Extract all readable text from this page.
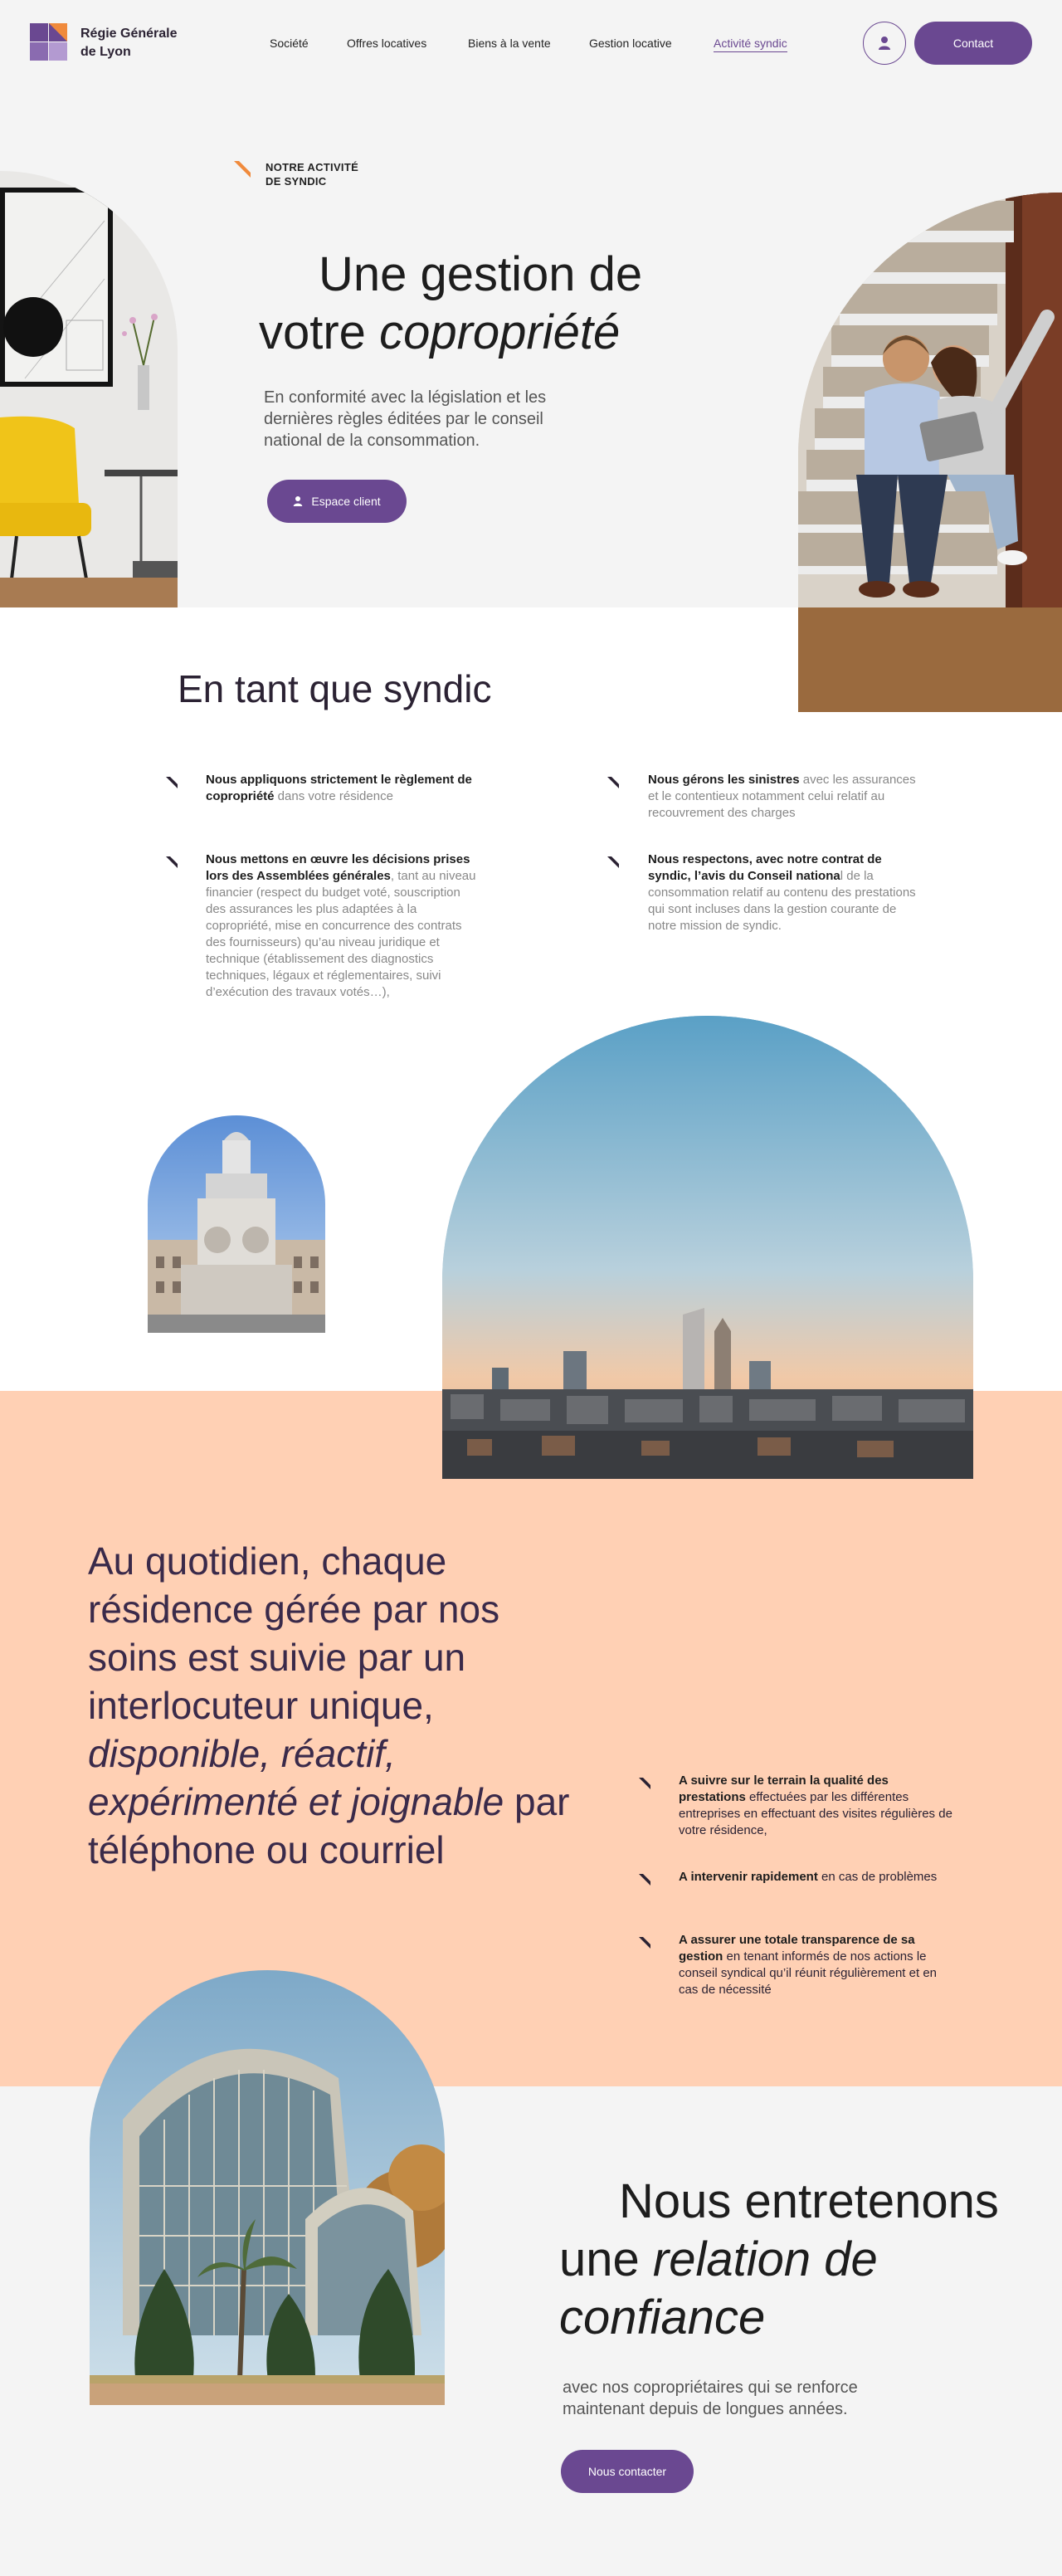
Régie Générale
de Lyon
Société	Offres locatives	Biens à la vente	Gestion locative	Activité syndic	Contact
NOTRE ACTIVITÉ
DE SYNDIC
Une gestion de
votre copropriété

En conformité avec la législation et les dernières règles éditées par le conseil national de la consommation.

Espace client
En tant que syndic
Nous appliquons strictement le règlement de copropriété dans votre résidence
Nous gérons les sinistres avec les assurances et le contentieux notamment celui relatif au recouvrement des charges
Nous mettons en œuvre les décisions prises lors des Assemblées générales, tant au niveau financier (respect du budget voté, souscription des assurances les plus adaptées à la copropriété, mise en concurrence des contrats des fournisseurs) qu’au niveau juridique et technique (établissement des diagnostics techniques, légaux et réglementaires, suivi d’exécution des travaux votés…),
Nous respectons, avec notre contrat de syndic, l’avis du Conseil national de la consommation relatif au contenu des prestations qui sont incluses dans la gestion courante de notre mission de syndic.
Au quotidien, chaque résidence gérée par nos soins est suivie par un interlocuteur unique, disponible, réactif, expérimenté et joignable par téléphone ou courriel
A suivre sur le terrain la qualité des prestations effectuées par les différentes entreprises en effectuant des visites régulières de votre résidence,
A intervenir rapidement en cas de problèmes
A assurer une totale transparence de sa gestion en tenant informés de nos actions le conseil syndical qu’il réunit régulièrement et en cas de nécessité
Nous entretenons
une relation de
confiance

avec nos copropriétaires qui se renforce maintenant depuis de longues années.

Nous contacter
